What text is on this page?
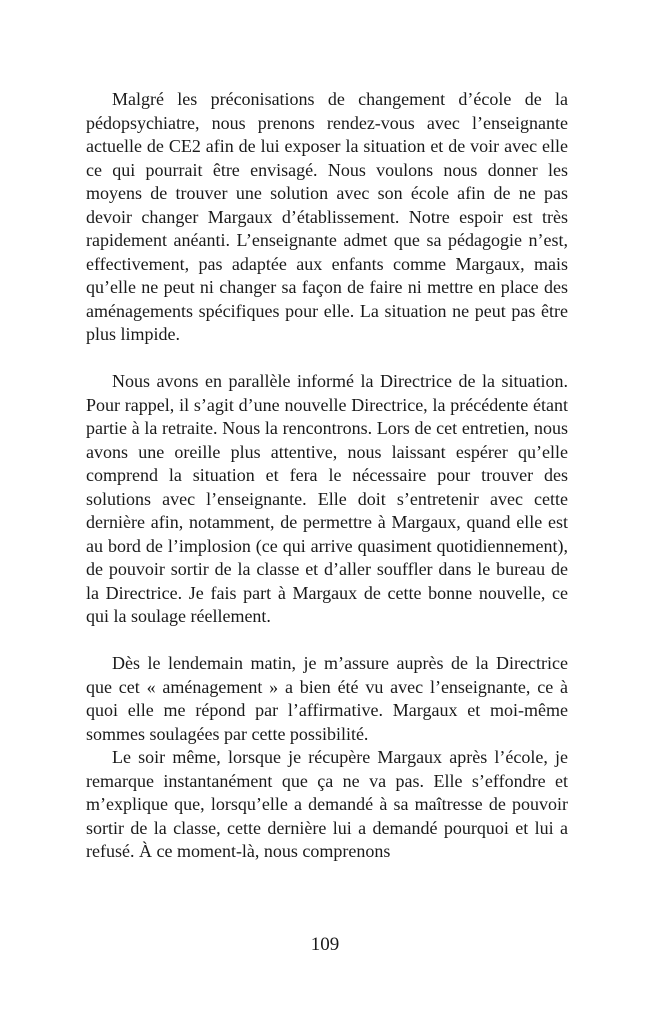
Malgré les préconisations de changement d’école de la pédopsychiatre, nous prenons rendez-vous avec l’enseignante actuelle de CE2 afin de lui exposer la situation et de voir avec elle ce qui pourrait être envisagé. Nous voulons nous donner les moyens de trouver une solution avec son école afin de ne pas devoir changer Margaux d’établissement. Notre espoir est très rapidement anéanti. L’enseignante admet que sa pédagogie n’est, effectivement, pas adaptée aux enfants comme Margaux, mais qu’elle ne peut ni changer sa façon de faire ni mettre en place des aménagements spécifiques pour elle. La situation ne peut pas être plus limpide.

Nous avons en parallèle informé la Directrice de la situation. Pour rappel, il s’agit d’une nouvelle Directrice, la précédente étant partie à la retraite. Nous la rencontrons. Lors de cet entretien, nous avons une oreille plus attentive, nous laissant espérer qu’elle comprend la situation et fera le nécessaire pour trouver des solutions avec l’enseignante. Elle doit s’entretenir avec cette dernière afin, notamment, de permettre à Margaux, quand elle est au bord de l’implosion (ce qui arrive quasiment quotidiennement), de pouvoir sortir de la classe et d’aller souffler dans le bureau de la Directrice. Je fais part à Margaux de cette bonne nouvelle, ce qui la soulage réellement.

Dès le lendemain matin, je m’assure auprès de la Directrice que cet « aménagement » a bien été vu avec l’enseignante, ce à quoi elle me répond par l’affirmative. Margaux et moi-même sommes soulagées par cette possibilité.

Le soir même, lorsque je récupère Margaux après l’école, je remarque instantanément que ça ne va pas. Elle s’effondre et m’explique que, lorsqu’elle a demandé à sa maîtresse de pouvoir sortir de la classe, cette dernière lui a demandé pourquoi et lui a refusé. À ce moment-là, nous comprenons

109
